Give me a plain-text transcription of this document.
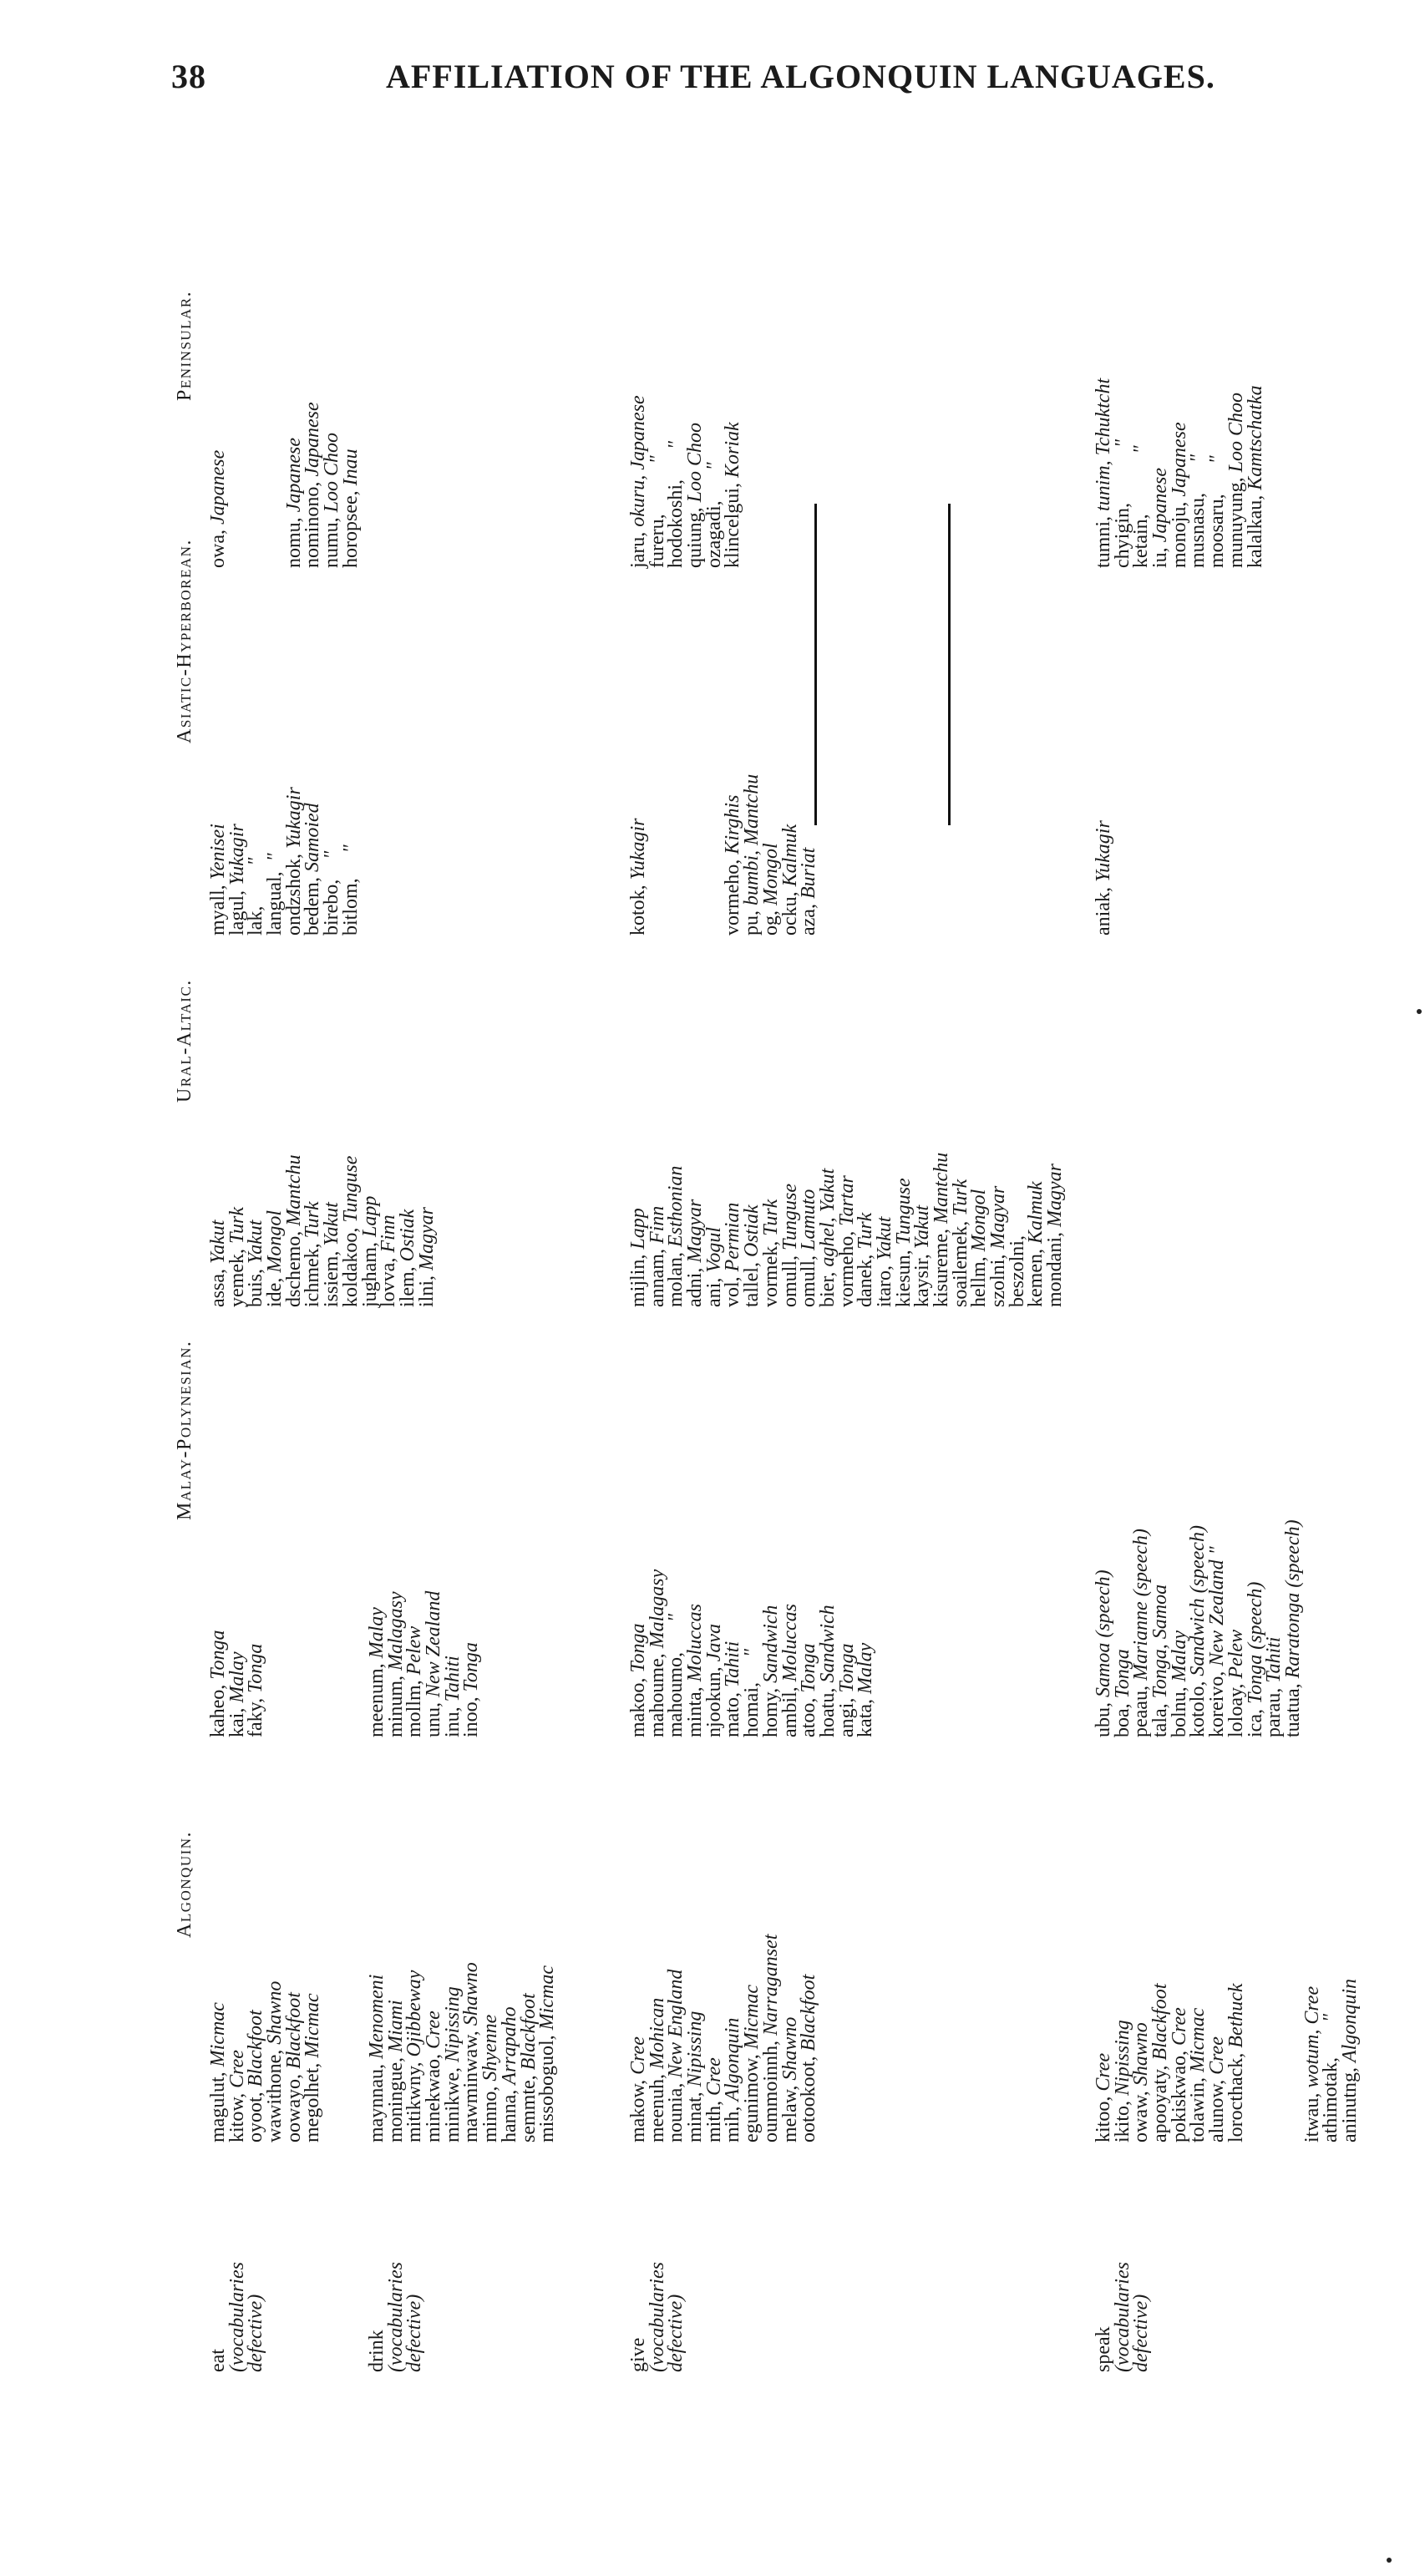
38	AFFILIATION OF THE ALGONQUIN LANGUAGES.
Algonquin.
Malay-Polynesian.
Ural-Altaic.
Asiatic-Hyperborean.
Peninsular.
eat
(vocabularies
defective)
magulut, Micmac
kitow, Cree
oyoot, Blackfoot
wawithone, Shawno
oowayo, Blackfoot
megolhet, Micmac
kaheo, Tonga
kai, Malay
faky, Tonga
assa, Yakut
yemek, Turk
buis, Yakut
ide, Mongol
dschemo, Mantchu
ichmek, Turk
issiem, Yakut
koldakoo, Tunguse
jugham, Lapp
lovva, Finn
ilem, Ostiak
ilni, Magyar
myall, Yenisei
lagul, Yukagir
lak,        "
langual,  "
ondzshok, Yukagir
bedem, Samoied
birebo,    "
bitlom,     "
owa, Japanese
nomu, Japanese
nominono, Japanese
numu, Loo Choo
horopsee, Inau
drink
(vocabularies
defective)
maynnau, Menomeni
moningue, Miami
mitikwny, Ojibbeway
minekwao, Cree
minikwe, Nipissing
mawminwaw, Shawno
minno, Shyenne
hanna, Arrapaho
semmte, Blackfoot
missoboguol, Micmac
meenum, Malay
minum, Malagasy
mollm, Pelew
unu, New Zealand
inu, Tahiti
inoo, Tonga
give
(vocabularies
defective)
makow, Cree
meenuh, Mohican
nounia, New England
minat, Nipissing
mith, Cree
mih, Algonquin
egunimow, Micmac
oummoinnh, Narraganset
melaw, Shawno
ootookoot, Blackfoot
makoo, Tonga
mahoume, Malagasy
mahoumo,      "
minta, Moluccas
njookun, Java
mato, Tahiti
homai,     "
homy, Sandwich
ambil, Moluccas
atoo, Tonga
hoatu, Sandwich
angi, Tonga
kata, Malay
mijlin, Lapp
annam, Finn
molan, Esthonian
adni, Magyar
ani, Vogul
vol, Permian
tallel, Ostiak
vormek, Turk
omull, Tunguse
omull, Lamuto
bier, aghel, Yakut
vormeho, Tartar
danek, Turk
itaro, Yakut
kiesun, Tunguse
kaysir, Yakut
kisureme, Mantchu
soailemek, Turk
hellm, Mongol
szolni, Magyar
beszolni,
kemen, Kalmuk
mondani, Magyar
kotok, Yukagir
vormeho, Kirghis
pu, bumbi, Mantchu
og, Mongol
ocku, Kalmuk
aza, Buriat
jaru, okuru, Japanese
fureru,          "
hodokoshi,      "
quiung, Loo Choo
ozagadi,      "
klincelgui, Koriak
speak
(vocabularies
defective)
kitoo, Cree
ikito, Nipissing
owaw, Shawno
apooyaty, Blackfoot
pokiskwao, Cree
tolawin, Micmac
alunow, Cree
lorocthack, Bethuck
itwau, wotum, Cree
athimotak,       "
aninutng, Algonquin
ubu, Samoa (speech)
boa, Tonga
peaau, Marianne (speech)
tala, Tonga, Samoa
bolnu, Malay
kotolo, Sandwich (speech)
koreivo, New Zealand "
loloay, Pelew
ica, Tonga (speech)
parau, Tahiti
tuatua, Raratonga (speech)
aniak, Yukagir
tumni, tunim, Tchuktcht
chyigin,           "
ketain,            "
iu, Japanese
monoju, Japanese
musnasu,      "
moosaru,      "
munuyung, Loo Choo
kalalkau, Kamtschatka
